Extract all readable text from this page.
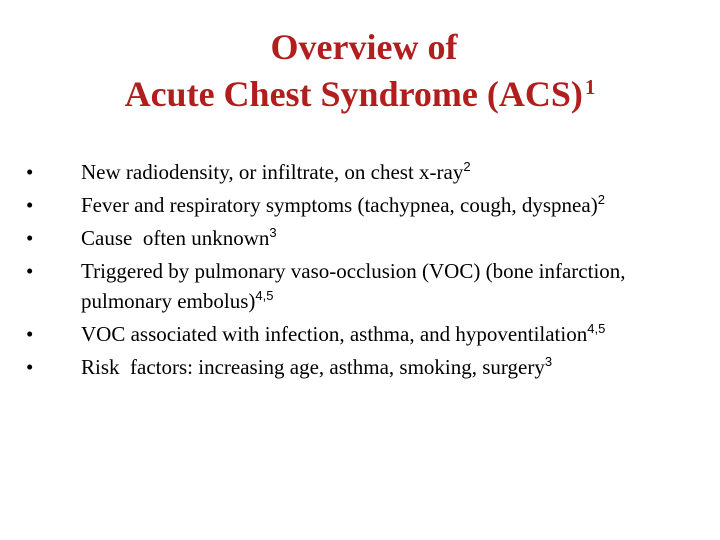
Overview of
Acute Chest Syndrome (ACS)$^1$
•	New radiodensity, or infiltrate, on chest x-ray$^2$
•	Fever and respiratory symptoms (tachypnea, cough, dyspnea)$^2$
•	Cause  often unknown$^3$
•	Triggered by pulmonary vaso-occlusion (VOC) (bone infarction, pulmonary embolus)$^{4,5}$
•	VOC associated with infection, asthma, and hypoventilation$^{4,5}$
•	Risk  factors: increasing age, asthma, smoking, surgery$^3$
